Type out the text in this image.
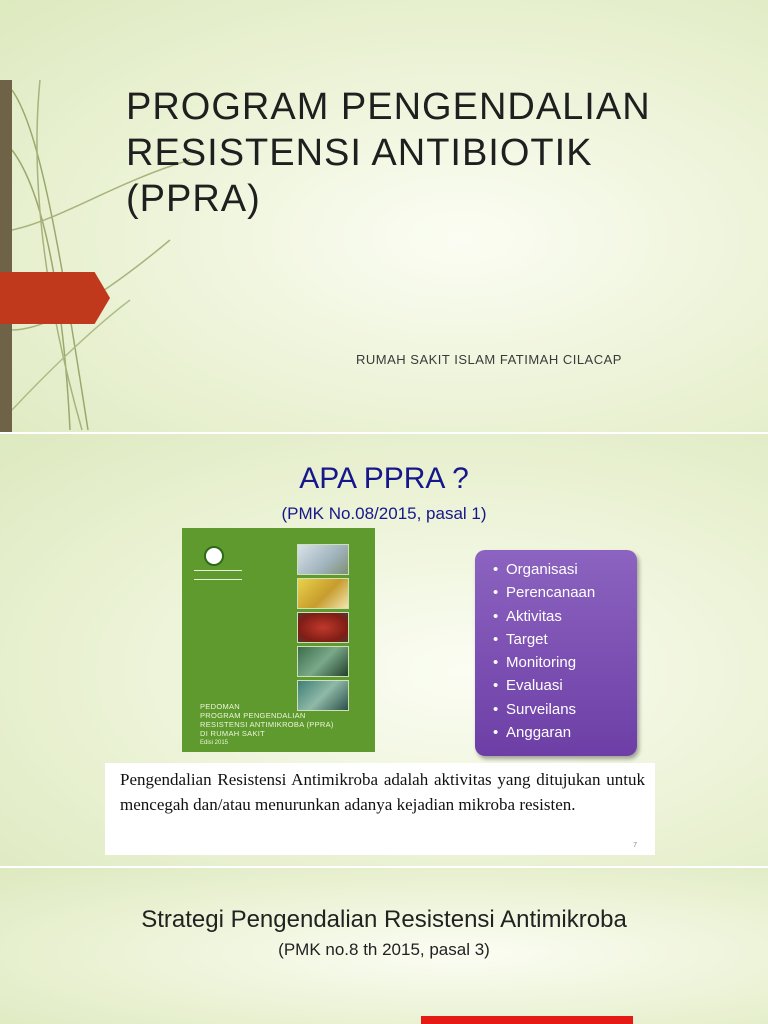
PROGRAM PENGENDALIAN
RESISTENSI ANTIBIOTIK (PPRA)
RUMAH SAKIT ISLAM FATIMAH CILACAP
APA PPRA ?
(PMK No.08/2015, pasal 1)
PEDOMAN
PROGRAM PENGENDALIAN
RESISTENSI ANTIMIKROBA (PPRA)
DI RUMAH SAKIT
Edisi 2015
• Organisasi
• Perencanaan
• Aktivitas
• Target
• Monitoring
• Evaluasi
• Surveilans
• Anggaran
Pengendalian Resistensi Antimikroba adalah aktivitas yang ditujukan untuk mencegah dan/atau menurunkan adanya kejadian mikroba resisten.
7
Strategi Pengendalian Resistensi Antimikroba
(PMK no.8 th 2015, pasal 3)
